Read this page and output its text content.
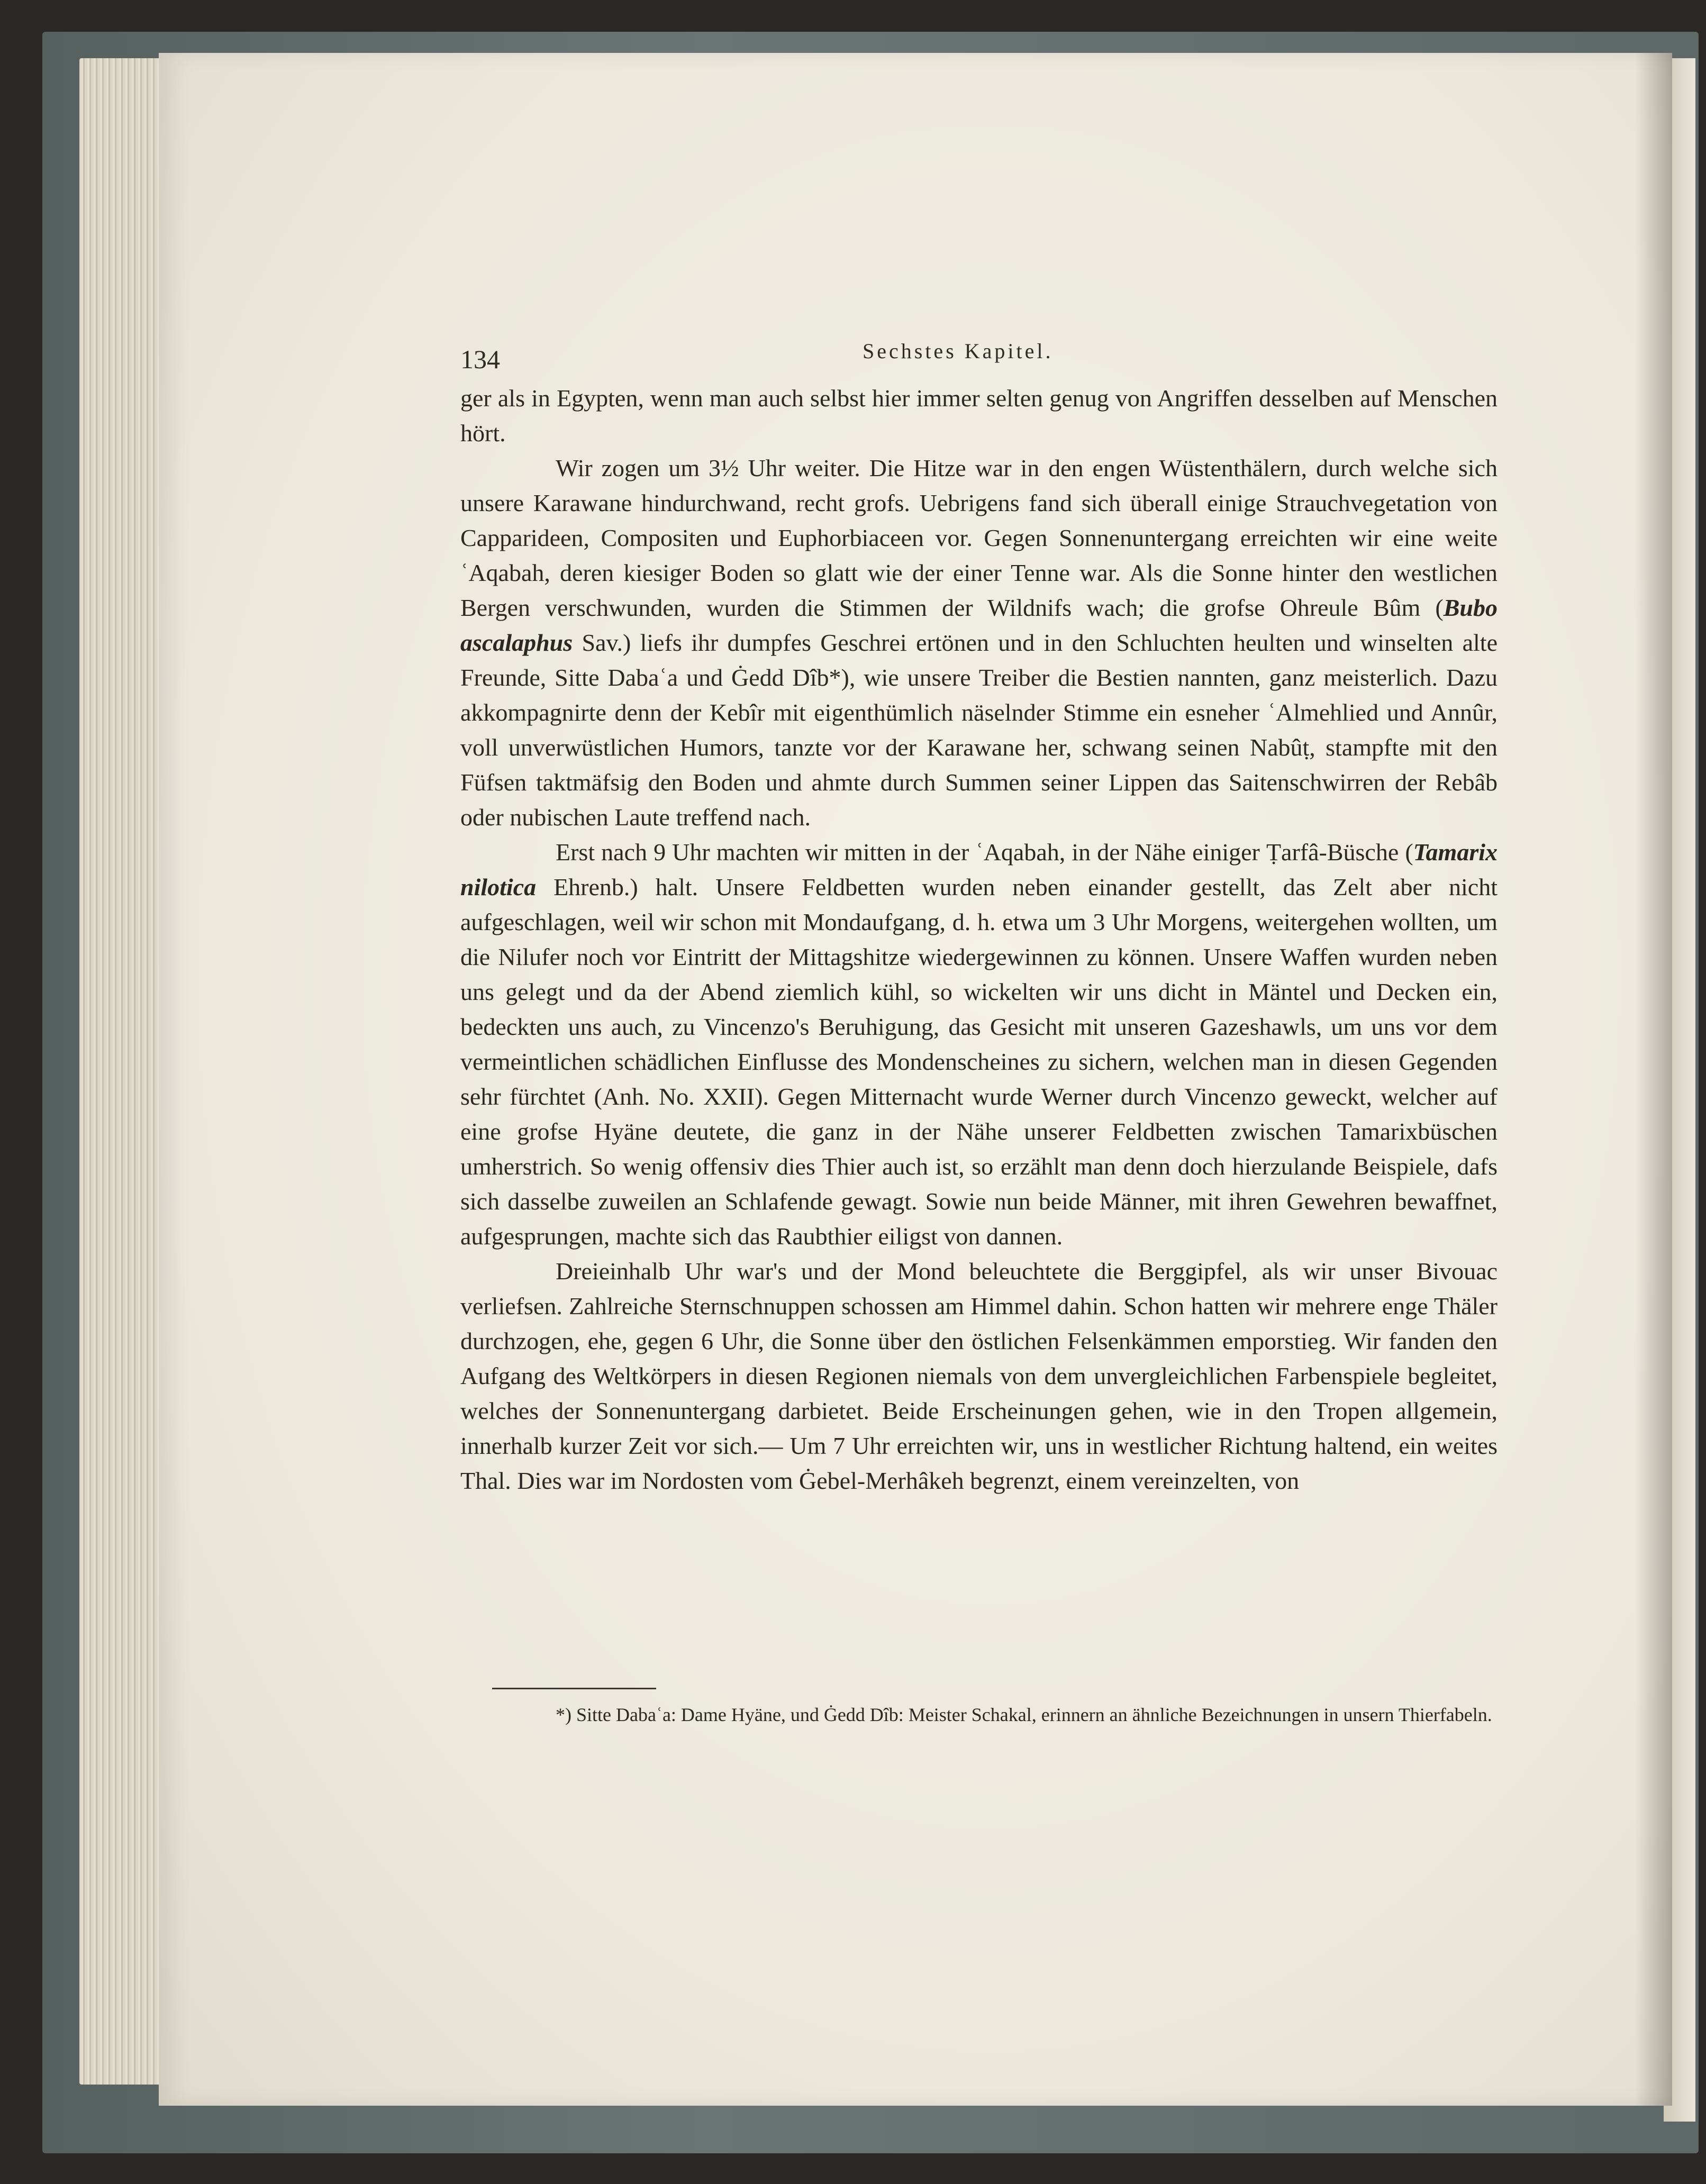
134	Sechstes Kapitel.

ger als in Egypten, wenn man auch selbst hier immer selten genug von Angriffen desselben auf Menschen hört.

Wir zogen um 3½ Uhr weiter. Die Hitze war in den engen Wüstenthälern, durch welche sich unsere Karawane hindurchwand, recht grofs. Uebrigens fand sich überall einige Strauchvegetation von Capparideen, Compositen und Euphorbiaceen vor. Gegen Sonnenuntergang erreichten wir eine weite ʿAqabah, deren kiesiger Boden so glatt wie der einer Tenne war. Als die Sonne hinter den westlichen Bergen verschwunden, wurden die Stimmen der Wildnifs wach; die grofse Ohreule Bûm (Bubo ascalaphus Sav.) liefs ihr dumpfes Geschrei ertönen und in den Schluchten heulten und winselten alte Freunde, Sitte Dabaʿa und Ġedd Dîb*), wie unsere Treiber die Bestien nannten, ganz meisterlich. Dazu akkompagnirte denn der Kebîr mit eigenthümlich näselnder Stimme ein esneher ʿAlmehlied und Annûr, voll unverwüstlichen Humors, tanzte vor der Karawane her, schwang seinen Nabûṭ, stampfte mit den Füfsen taktmäfsig den Boden und ahmte durch Summen seiner Lippen das Saitenschwirren der Rebâb oder nubischen Laute treffend nach.

Erst nach 9 Uhr machten wir mitten in der ʿAqabah, in der Nähe einiger Ṭarfâ-Büsche (Tamarix nilotica Ehrenb.) halt. Unsere Feldbetten wurden neben einander gestellt, das Zelt aber nicht aufgeschlagen, weil wir schon mit Mondaufgang, d. h. etwa um 3 Uhr Morgens, weitergehen wollten, um die Nilufer noch vor Eintritt der Mittagshitze wiedergewinnen zu können. Unsere Waffen wurden neben uns gelegt und da der Abend ziemlich kühl, so wickelten wir uns dicht in Mäntel und Decken ein, bedeckten uns auch, zu Vincenzo's Beruhigung, das Gesicht mit unseren Gazeshawls, um uns vor dem vermeintlichen schädlichen Einflusse des Mondenscheines zu sichern, welchen man in diesen Gegenden sehr fürchtet (Anh. No. XXII). Gegen Mitternacht wurde Werner durch Vincenzo geweckt, welcher auf eine grofse Hyäne deutete, die ganz in der Nähe unserer Feldbetten zwischen Tamarixbüschen umherstrich. So wenig offensiv dies Thier auch ist, so erzählt man denn doch hierzulande Beispiele, dafs sich dasselbe zuweilen an Schlafende gewagt. Sowie nun beide Männer, mit ihren Gewehren bewaffnet, aufgesprungen, machte sich das Raubthier eiligst von dannen.

Dreieinhalb Uhr war's und der Mond beleuchtete die Berggipfel, als wir unser Bivouac verliefsen. Zahlreiche Sternschnuppen schossen am Himmel dahin. Schon hatten wir mehrere enge Thäler durchzogen, ehe, gegen 6 Uhr, die Sonne über den östlichen Felsenkämmen emporstieg. Wir fanden den Aufgang des Weltkörpers in diesen Regionen niemals von dem unvergleichlichen Farbenspiele begleitet, welches der Sonnenuntergang darbietet. Beide Erscheinungen gehen, wie in den Tropen allgemein, innerhalb kurzer Zeit vor sich.— Um 7 Uhr erreichten wir, uns in westlicher Richtung haltend, ein weites Thal. Dies war im Nordosten vom Ġebel-Merhâkeh begrenzt, einem vereinzelten, von

*) Sitte Dabaʿa: Dame Hyäne, und Ġedd Dîb: Meister Schakal, erinnern an ähnliche Bezeichnungen in unsern Thierfabeln.
